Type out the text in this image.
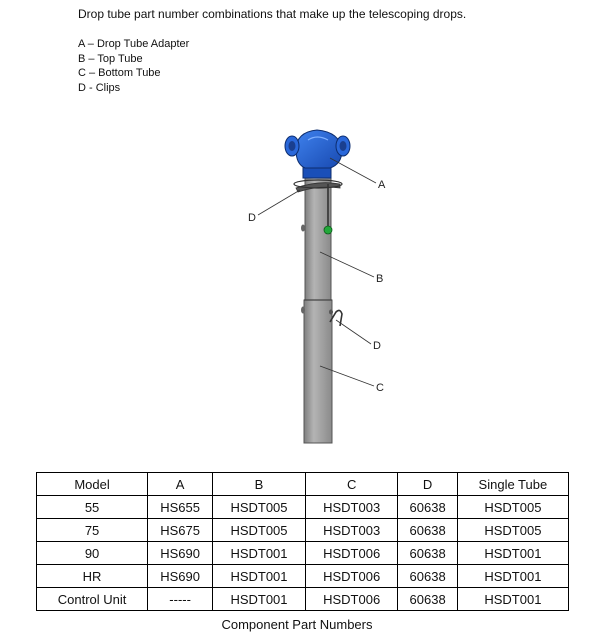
Drop tube part number combinations that make up the telescoping drops.
A – Drop Tube Adapter
B – Top Tube
C – Bottom Tube
D - Clips
A
B
D
D
C
Model	A	B	C	D	Single Tube
55	HS655	HSDT005	HSDT003	60638	HSDT005
75	HS675	HSDT005	HSDT003	60638	HSDT005
90	HS690	HSDT001	HSDT006	60638	HSDT001
HR	HS690	HSDT001	HSDT006	60638	HSDT001
Control Unit	-----	HSDT001	HSDT006	60638	HSDT001
Component Part Numbers
